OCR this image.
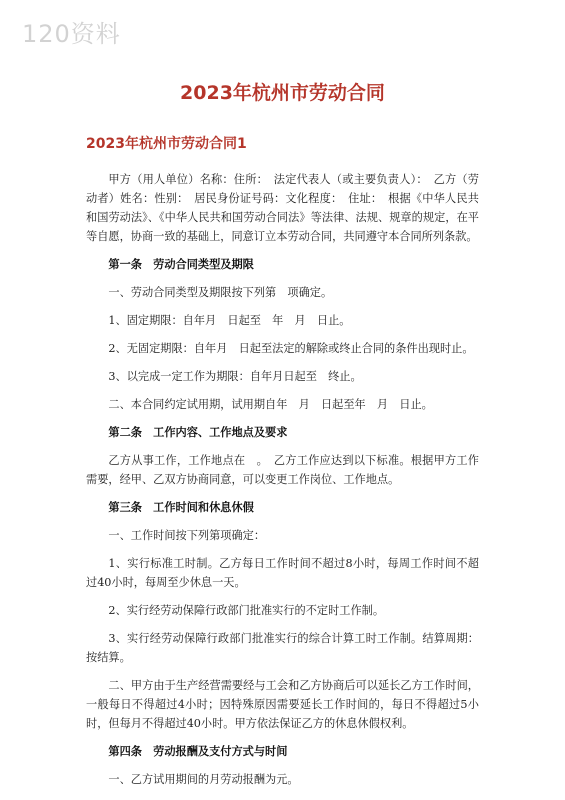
120资料
2023年杭州市劳动合同
2023年杭州市劳动合同1

甲方（用人单位）名称：住所：　法定代表人（或主要负责人）：　乙方（劳动者）姓名：性别：　居民身份证号码：文化程度：　住址：　根据《中华人民共和国劳动法》、《中华人民共和国劳动合同法》等法律、法规、规章的规定，在平等自愿，协商一致的基础上，同意订立本劳动合同，共同遵守本合同所列条款。

第一条　劳动合同类型及期限

一、劳动合同类型及期限按下列第　项确定。

1、固定期限：自年月　日起至　年　月　日止。

2、无固定期限：自年月　日起至法定的解除或终止合同的条件出现时止。

3、以完成一定工作为期限：自年月日起至　终止。

二、本合同约定试用期，试用期自年　月　日起至年　月　日止。

第二条　工作内容、工作地点及要求

乙方从事工作，工作地点在　。　乙方工作应达到以下标准。根据甲方工作需要，经甲、乙双方协商同意，可以变更工作岗位、工作地点。

第三条　工作时间和休息休假

一、工作时间按下列第项确定：

1、实行标准工时制。乙方每日工作时间不超过8小时，每周工作时间不超过40小时，每周至少休息一天。

2、实行经劳动保障行政部门批准实行的不定时工作制。

3、实行经劳动保障行政部门批准实行的综合计算工时工作制。结算周期：按结算。

二、甲方由于生产经营需要经与工会和乙方协商后可以延长乙方工作时间，一般每日不得超过4小时；因特殊原因需要延长工作时间的，每日不得超过5小时，但每月不得超过40小时。甲方依法保证乙方的休息休假权利。

第四条　劳动报酬及支付方式与时间

一、乙方试用期间的月劳动报酬为元。
